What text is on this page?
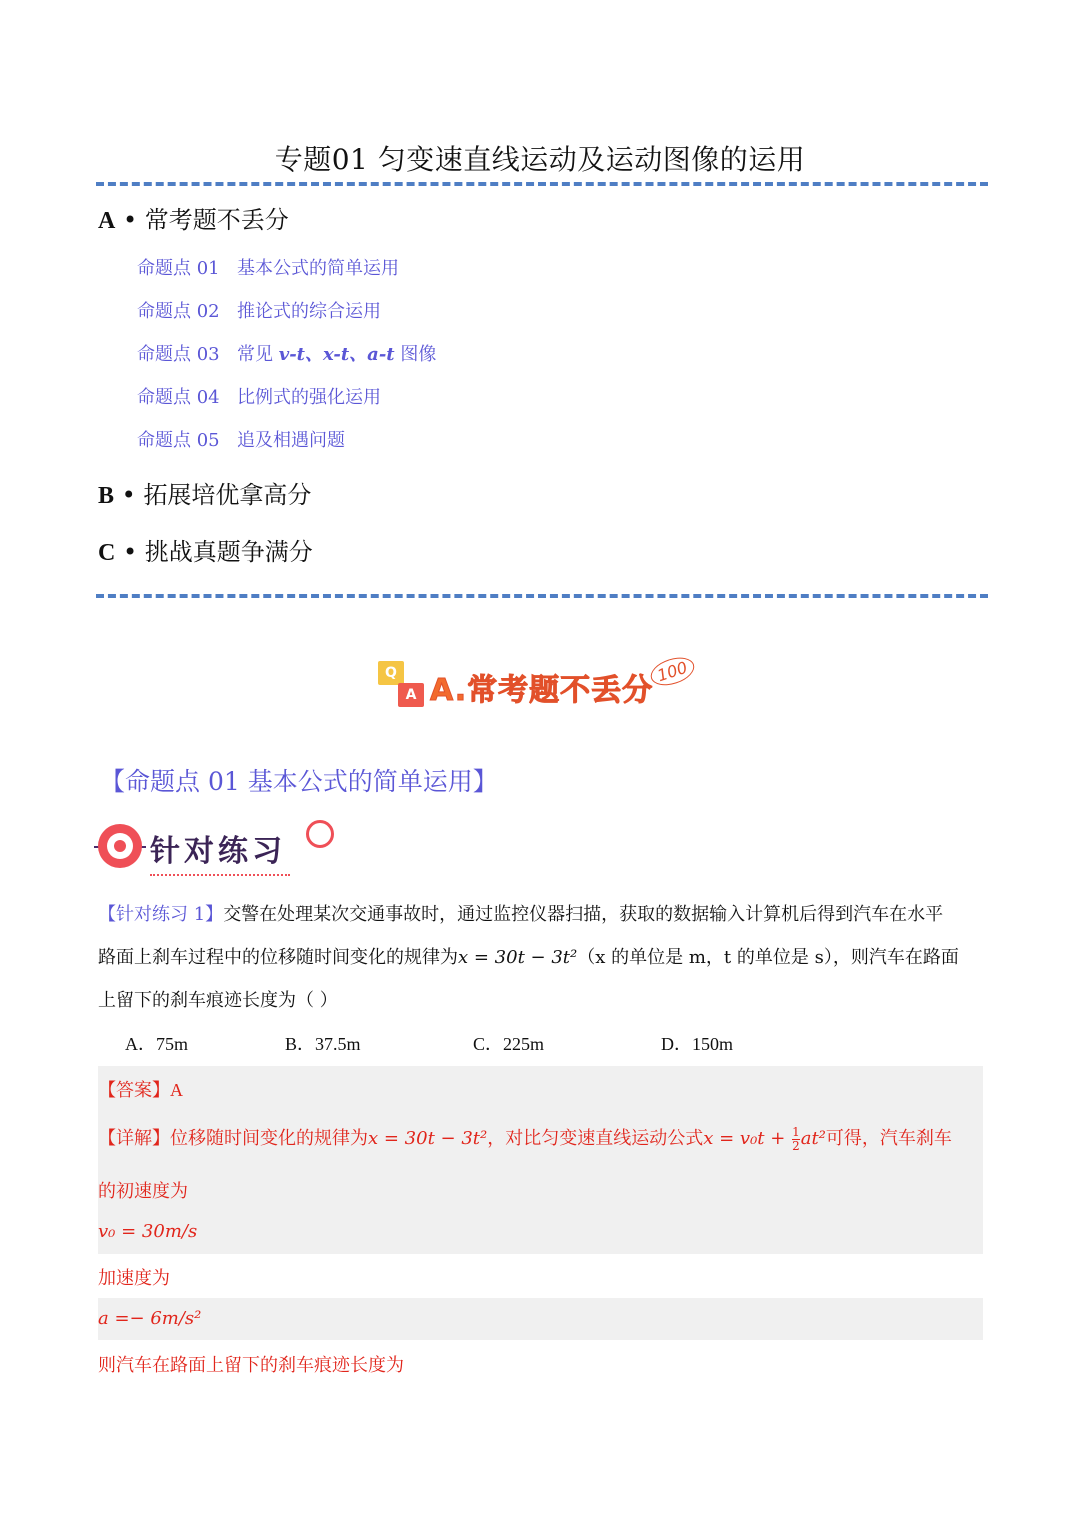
专题01 匀变速直线运动及运动图像的运用
A • 常考题不丢分
命题点 01 基本公式的简单运用
命题点 02 推论式的综合运用
命题点 03 常见 v-t、x-t、a-t 图像
命题点 04 比例式的强化运用
命题点 05 追及相遇问题
B • 拓展培优拿高分
C • 挑战真题争满分
Q
A A.常考题不丢分
100
【命题点 01 基本公式的简单运用】
针对练习
【针对练习 1】交警在处理某次交通事故时，通过监控仪器扫描，获取的数据输入计算机后得到汽车在水平
路面上刹车过程中的位移随时间变化的规律为x = 30t − 3t²（x 的单位是 m，t 的单位是 s），则汽车在路面
上留下的刹车痕迹长度为（ ）
A．75m	B．37.5m	C．225m	D．150m
【答案】A
【详解】位移随时间变化的规律为x = 30t − 3t²，对比匀变速直线运动公式$x = v_0t + \frac{1}{2} at^2$可得，汽车刹车
的初速度为
v₀ = 30m/s
加速度为
a =− 6m/s²
则汽车在路面上留下的刹车痕迹长度为
